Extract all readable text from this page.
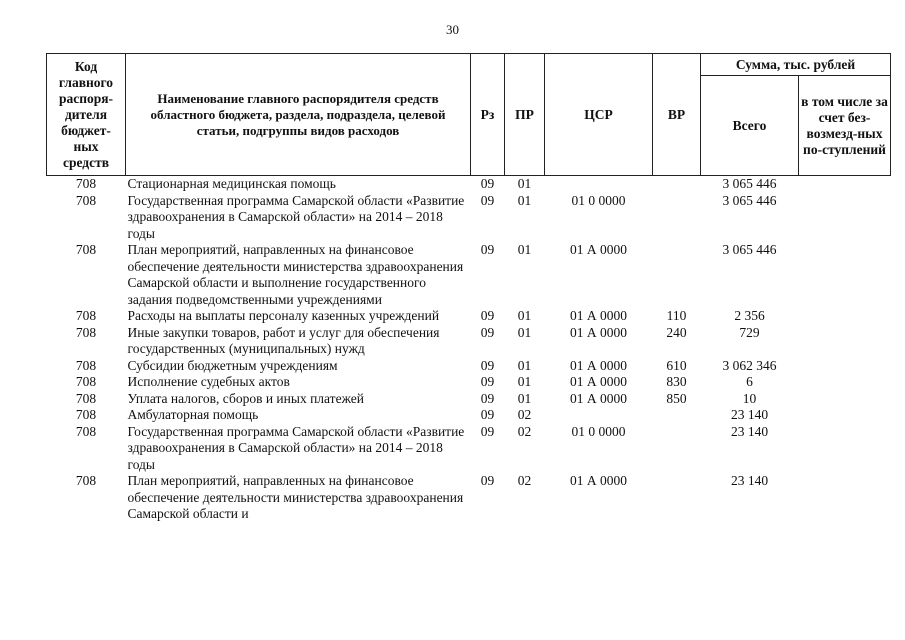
30
Код главного распоря-дителя бюджет-ных средств	Наименование главного распорядителя средств областного бюджета, раздела, подраздела, целевой статьи, подгруппы видов расходов	Рз	ПР	ЦСР	ВР	Сумма, тыс. рублей	
						Всего	в том числе за счет без-возмезд-ных по-ступлений
708	Стационарная медицинская помощь	09	01			3 065 446	
708	Государственная программа Самарской области «Развитие здравоохранения в Самарской области» на 2014 – 2018 годы	09	01	01 0 0000		3 065 446	
708	План мероприятий, направленных на финансовое обеспечение деятельности министерства здравоохранения Самарской области и выполнение государственного задания подведомственными учреждениями	09	01	01 А 0000		3 065 446	
708	Расходы на выплаты персоналу казенных учреждений	09	01	01 А 0000	110	2 356	
708	Иные закупки товаров, работ и услуг для обеспечения государственных (муниципальных) нужд	09	01	01 А 0000	240	729	
708	Субсидии бюджетным учреждениям	09	01	01 А 0000	610	3 062 346	
708	Исполнение судебных актов	09	01	01 А 0000	830	6	
708	Уплата налогов, сборов и иных платежей	09	01	01 А 0000	850	10	
708	Амбулаторная помощь	09	02			23 140	
708	Государственная программа Самарской области «Развитие здравоохранения в Самарской области» на 2014 – 2018 годы	09	02	01 0 0000		23 140	
708	План мероприятий, направленных на финансовое обеспечение деятельности министерства здравоохранения Самарской области и	09	02	01 А 0000		23 140	
